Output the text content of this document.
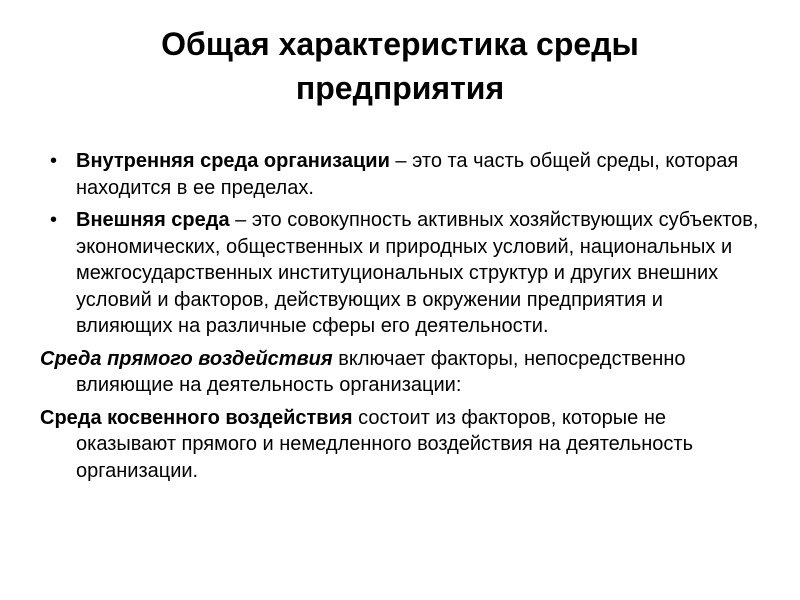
Общая характеристика среды
предприятия
• Внутренняя среда организации – это та часть общей среды, которая находится в ее пределах.
• Внешняя среда – это совокупность активных хозяйствующих субъектов, экономических, общественных и природных условий, национальных и межгосударственных институциональных структур и других внешних условий и факторов, действующих в окружении предприятия и влияющих на различные сферы его деятельности.
Среда прямого воздействия включает факторы, непосредственно влияющие на деятельность организации:
Среда косвенного воздействия состоит из факторов, которые не оказывают прямого и немедленного воздействия на деятельность организации.
